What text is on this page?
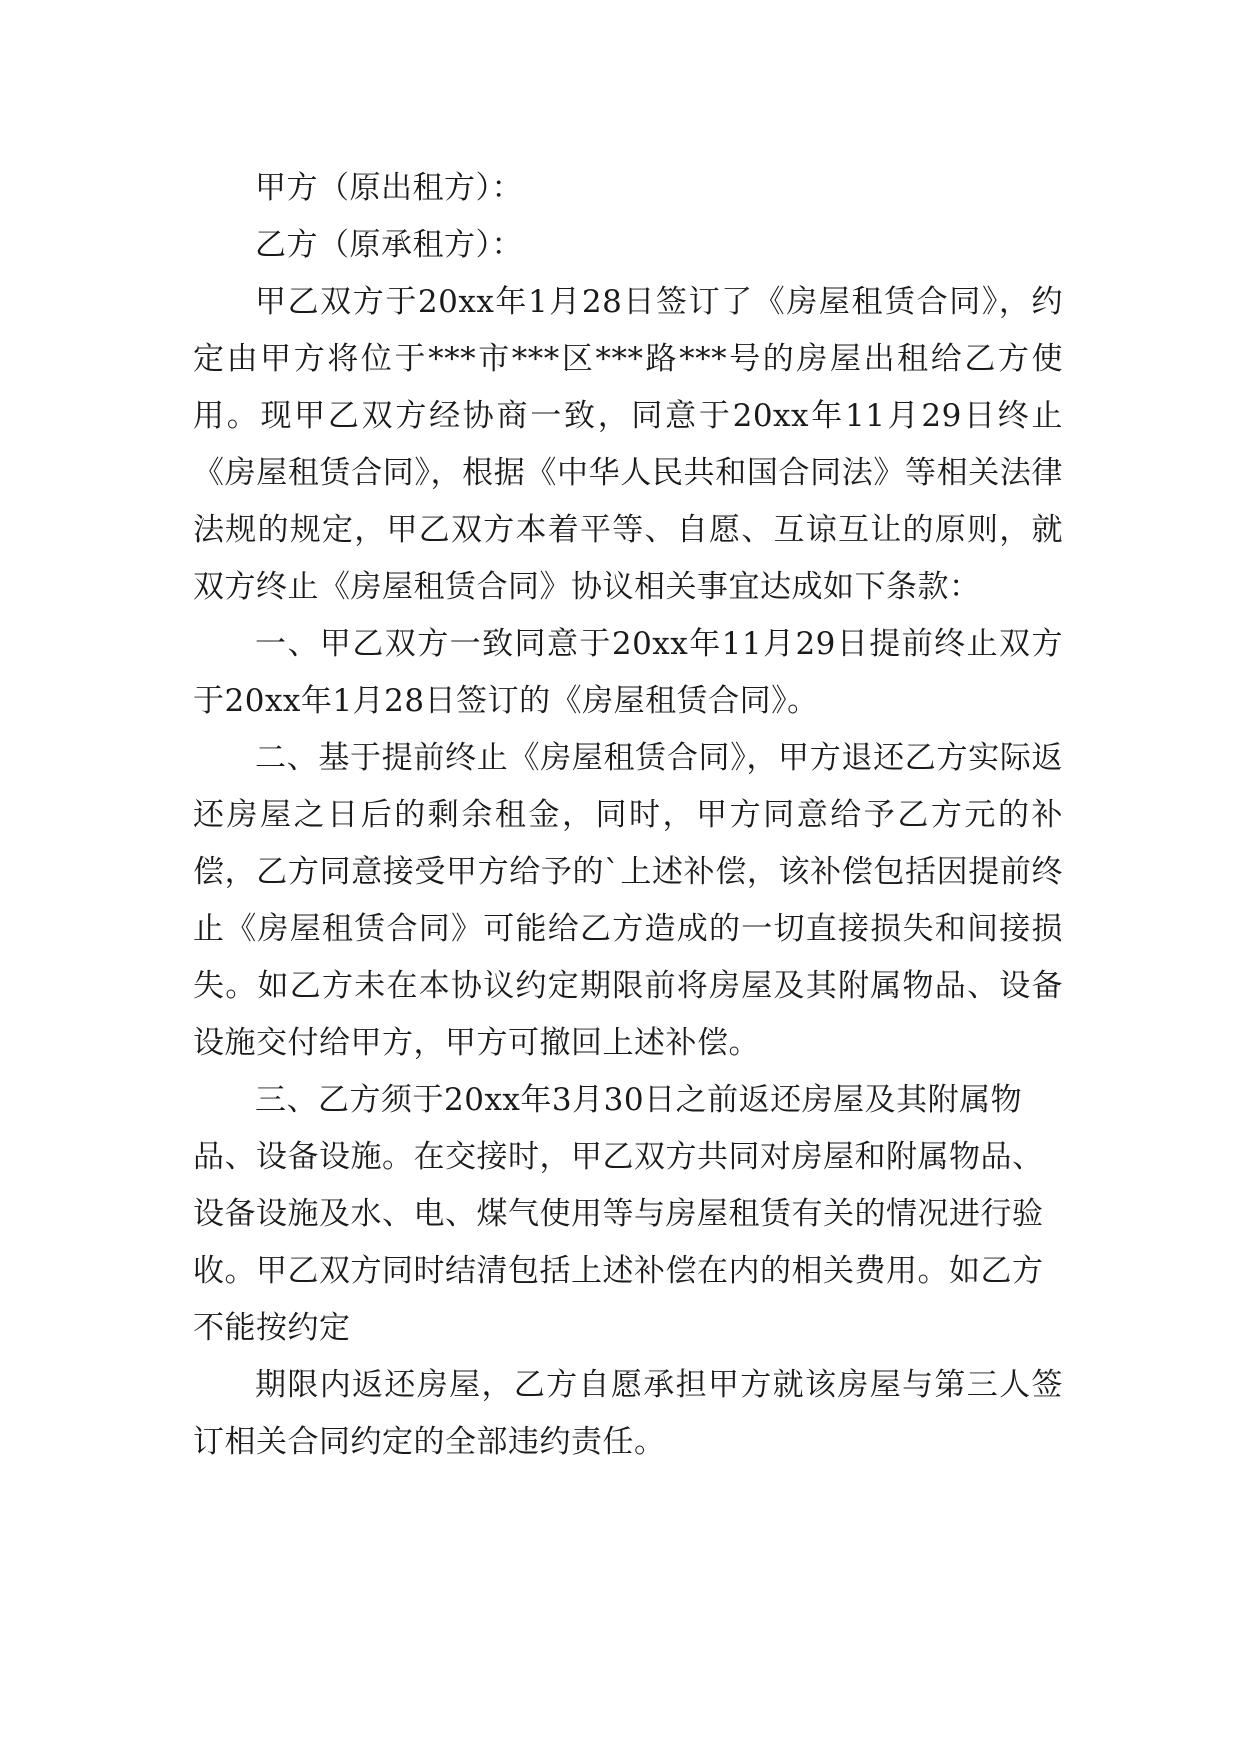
甲方（原出租方）：

乙方（原承租方）：

甲乙双方于20xx年1月28日签订了《房屋租赁合同》，约定由甲方将位于***市***区***路***号的房屋出租给乙方使用。现甲乙双方经协商一致，同意于20xx年11月29日终止《房屋租赁合同》，根据《中华人民共和国合同法》等相关法律法规的规定，甲乙双方本着平等、自愿、互谅互让的原则，就双方终止《房屋租赁合同》协议相关事宜达成如下条款：

一、甲乙双方一致同意于20xx年11月29日提前终止双方于20xx年1月28日签订的《房屋租赁合同》。

二、基于提前终止《房屋租赁合同》，甲方退还乙方实际返还房屋之日后的剩余租金，同时，甲方同意给予乙方元的补偿，乙方同意接受甲方给予的`上述补偿，该补偿包括因提前终止《房屋租赁合同》可能给乙方造成的一切直接损失和间接损失。如乙方未在本协议约定期限前将房屋及其附属物品、设备设施交付给甲方，甲方可撤回上述补偿。

三、乙方须于20xx年3月30日之前返还房屋及其附属物品、设备设施。在交接时，甲乙双方共同对房屋和附属物品、设备设施及水、电、煤气使用等与房屋租赁有关的情况进行验收。甲乙双方同时结清包括上述补偿在内的相关费用。如乙方不能按约定

期限内返还房屋，乙方自愿承担甲方就该房屋与第三人签订相关合同约定的全部违约责任。
